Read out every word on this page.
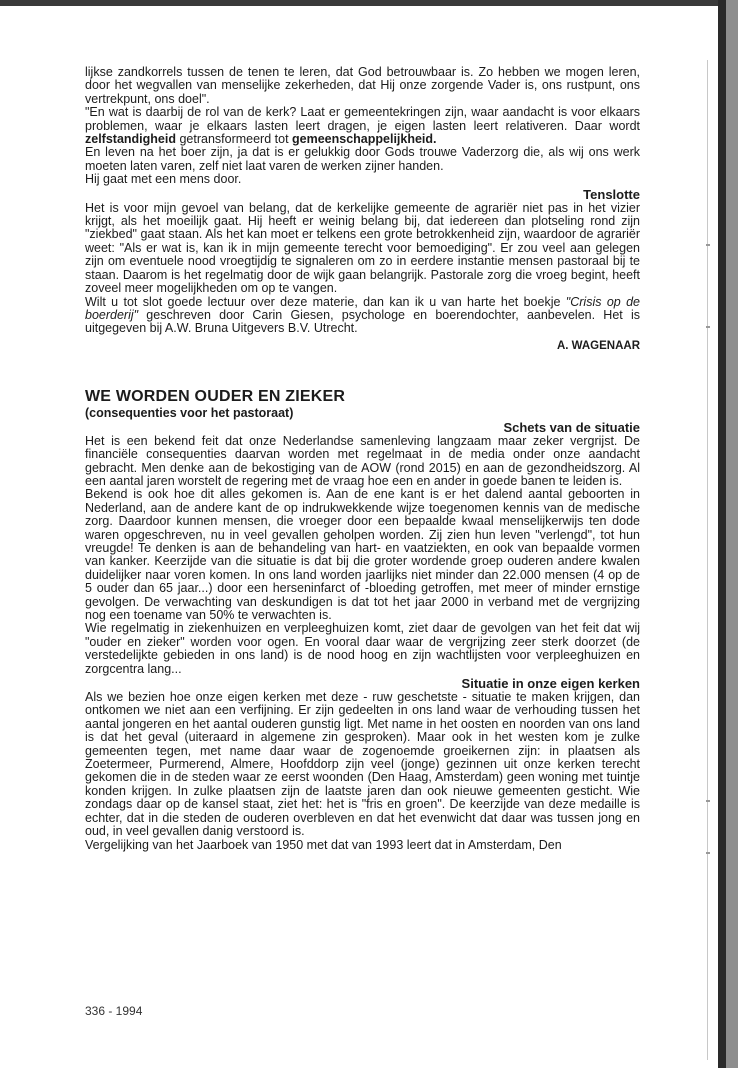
lijkse zandkorrels tussen de tenen te leren, dat God betrouwbaar is. Zo hebben we mogen leren, door het wegvallen van menselijke zekerheden, dat Hij onze zorgende Vader is, ons rustpunt, ons vertrekpunt, ons doel".

"En wat is daarbij de rol van de kerk? Laat er gemeentekringen zijn, waar aandacht is voor elkaars problemen, waar je elkaars lasten leert dragen, je eigen lasten leert relativeren. Daar wordt zelfstandigheid getransformeerd tot gemeenschappelijkheid.

En leven na het boer zijn, ja dat is er gelukkig door Gods trouwe Vaderzorg die, als wij ons werk moeten laten varen, zelf niet laat varen de werken zijner handen.

Hij gaat met een mens door.

Tenslotte

Het is voor mijn gevoel van belang, dat de kerkelijke gemeente de agrariër niet pas in het vizier krijgt, als het moeilijk gaat. Hij heeft er weinig belang bij, dat iedereen dan plotseling rond zijn "ziekbed" gaat staan. Als het kan moet er telkens een grote betrokkenheid zijn, waardoor de agrariër weet: "Als er wat is, kan ik in mijn gemeente terecht voor bemoediging". Er zou veel aan gelegen zijn om eventuele nood vroegtijdig te signaleren om zo in eerdere instantie mensen pastoraal bij te staan. Daarom is het regelmatig door de wijk gaan belangrijk. Pastorale zorg die vroeg begint, heeft zoveel meer mogelijkheden om op te vangen.

Wilt u tot slot goede lectuur over deze materie, dan kan ik u van harte het boekje "Crisis op de boerderij" geschreven door Carin Giesen, psychologe en boerendochter, aanbevelen. Het is uitgegeven bij A.W. Bruna Uitgevers B.V. Utrecht.

A. WAGENAAR

WE WORDEN OUDER EN ZIEKER
(consequenties voor het pastoraat)

Schets van de situatie

Het is een bekend feit dat onze Nederlandse samenleving langzaam maar zeker vergrijst. De financiële consequenties daarvan worden met regelmaat in de media onder onze aandacht gebracht. Men denke aan de bekostiging van de AOW (rond 2015) en aan de gezondheidszorg. Al een aantal jaren worstelt de regering met de vraag hoe een en ander in goede banen te leiden is.

Bekend is ook hoe dit alles gekomen is. Aan de ene kant is er het dalend aantal geboorten in Nederland, aan de andere kant de op indrukwekkende wijze toegenomen kennis van de medische zorg. Daardoor kunnen mensen, die vroeger door een bepaalde kwaal menselijkerwijs ten dode waren opgeschreven, nu in veel gevallen geholpen worden. Zij zien hun leven "verlengd", tot hun vreugde! Te denken is aan de behandeling van hart- en vaatziekten, en ook van bepaalde vormen van kanker. Keerzijde van die situatie is dat bij die groter wordende groep ouderen andere kwalen duidelijker naar voren komen. In ons land worden jaarlijks niet minder dan 22.000 mensen (4 op de 5 ouder dan 65 jaar...) door een herseninfarct of -bloeding getroffen, met meer of minder ernstige gevolgen. De verwachting van deskundigen is dat tot het jaar 2000 in verband met de vergrijzing nog een toename van 50% te verwachten is.

Wie regelmatig in ziekenhuizen en verpleeghuizen komt, ziet daar de gevolgen van het feit dat wij "ouder en zieker" worden voor ogen. En vooral daar waar de vergrijzing zeer sterk doorzet (de verstedelijkte gebieden in ons land) is de nood hoog en zijn wachtlijsten voor verpleeghuizen en zorgcentra lang...

Situatie in onze eigen kerken

Als we bezien hoe onze eigen kerken met deze - ruw geschetste - situatie te maken krijgen, dan ontkomen we niet aan een verfijning. Er zijn gedeelten in ons land waar de verhouding tussen het aantal jongeren en het aantal ouderen gunstig ligt. Met name in het oosten en noorden van ons land is dat het geval (uiteraard in algemene zin gesproken). Maar ook in het westen kom je zulke gemeenten tegen, met name daar waar de zogenoemde groeikernen zijn: in plaatsen als Zoetermeer, Purmerend, Almere, Hoofddorp zijn veel (jonge) gezinnen uit onze kerken terecht gekomen die in de steden waar ze eerst woonden (Den Haag, Amsterdam) geen woning met tuintje konden krijgen. In zulke plaatsen zijn de laatste jaren dan ook nieuwe gemeenten gesticht. Wie zondags daar op de kansel staat, ziet het: het is "fris en groen". De keerzijde van deze medaille is echter, dat in die steden de ouderen overbleven en dat het evenwicht dat daar was tussen jong en oud, in veel gevallen danig verstoord is.

Vergelijking van het Jaarboek van 1950 met dat van 1993 leert dat in Amsterdam, Den

336 - 1994
